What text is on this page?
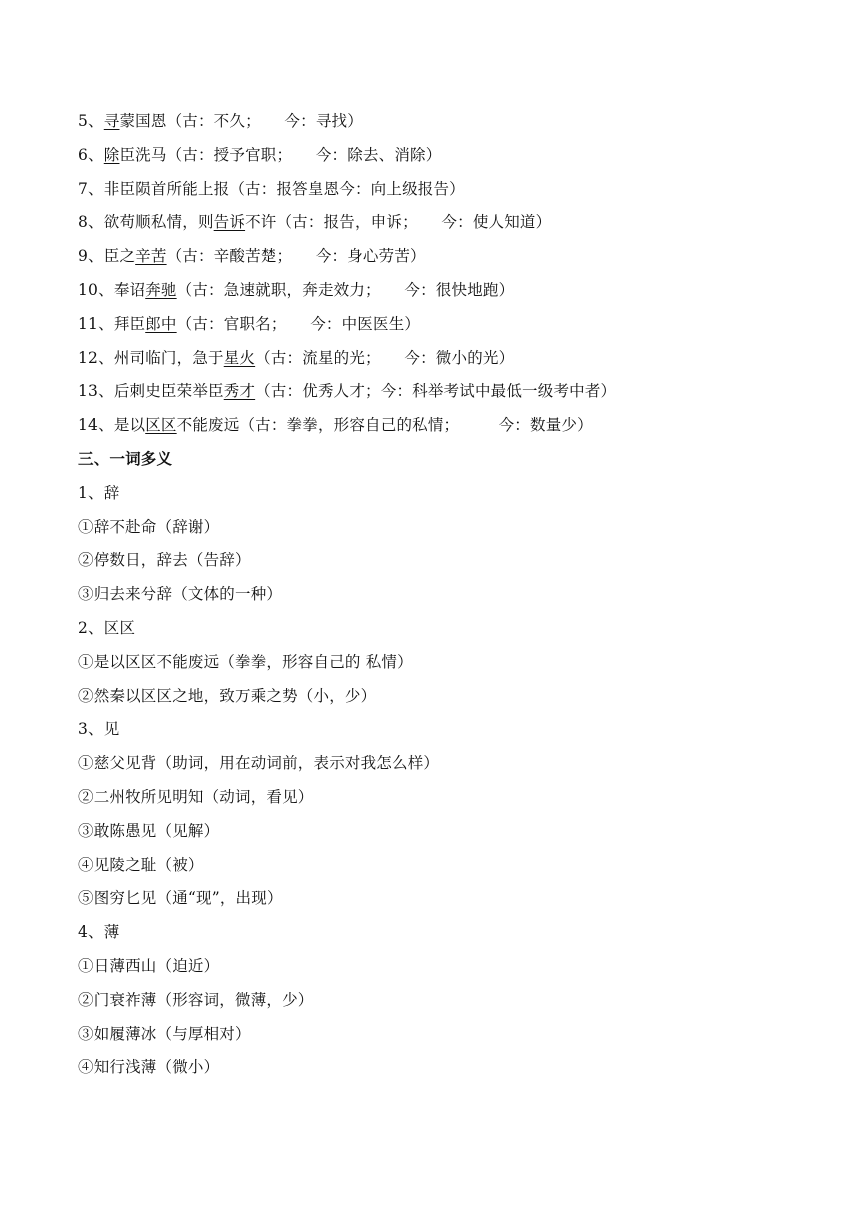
5、寻蒙国恩（古：不久；　　今：寻找）
6、除臣洗马（古：授予官职；　　今：除去、消除）
7、非臣陨首所能上报（古：报答皇恩今：向上级报告）
8、欲苟顺私情，则告诉不许（古：报告，申诉；　　今：使人知道）
9、臣之辛苦（古：辛酸苦楚；　　今：身心劳苦）
10、奉诏奔驰（古：急速就职，奔走效力；　　今：很快地跑）
11、拜臣郎中（古：官职名；　　今：中医医生）
12、州司临门，急于星火（古：流星的光；　　今：微小的光）
13、后刺史臣荣举臣秀才（古：优秀人才；今：科举考试中最低一级考中者）
14、是以区区不能废远（古：拳拳，形容自己的私情；　　　今：数量少）
三、一词多义
1、辞
①辞不赴命（辞谢）
②停数日，辞去（告辞）
③归去来兮辞（文体的一种）
2、区区
①是以区区不能废远（拳拳，形容自己的 私情）
②然秦以区区之地，致万乘之势（小，少）
3、见
①慈父见背（助词，用在动词前，表示对我怎么样）
②二州牧所见明知（动词，看见）
③敢陈愚见（见解）
④见陵之耻（被）
⑤图穷匕见（通“现”，出现）
4、薄
①日薄西山（迫近）
②门衰祚薄（形容词，微薄，少）
③如履薄冰（与厚相对）
④知行浅薄（微小）
